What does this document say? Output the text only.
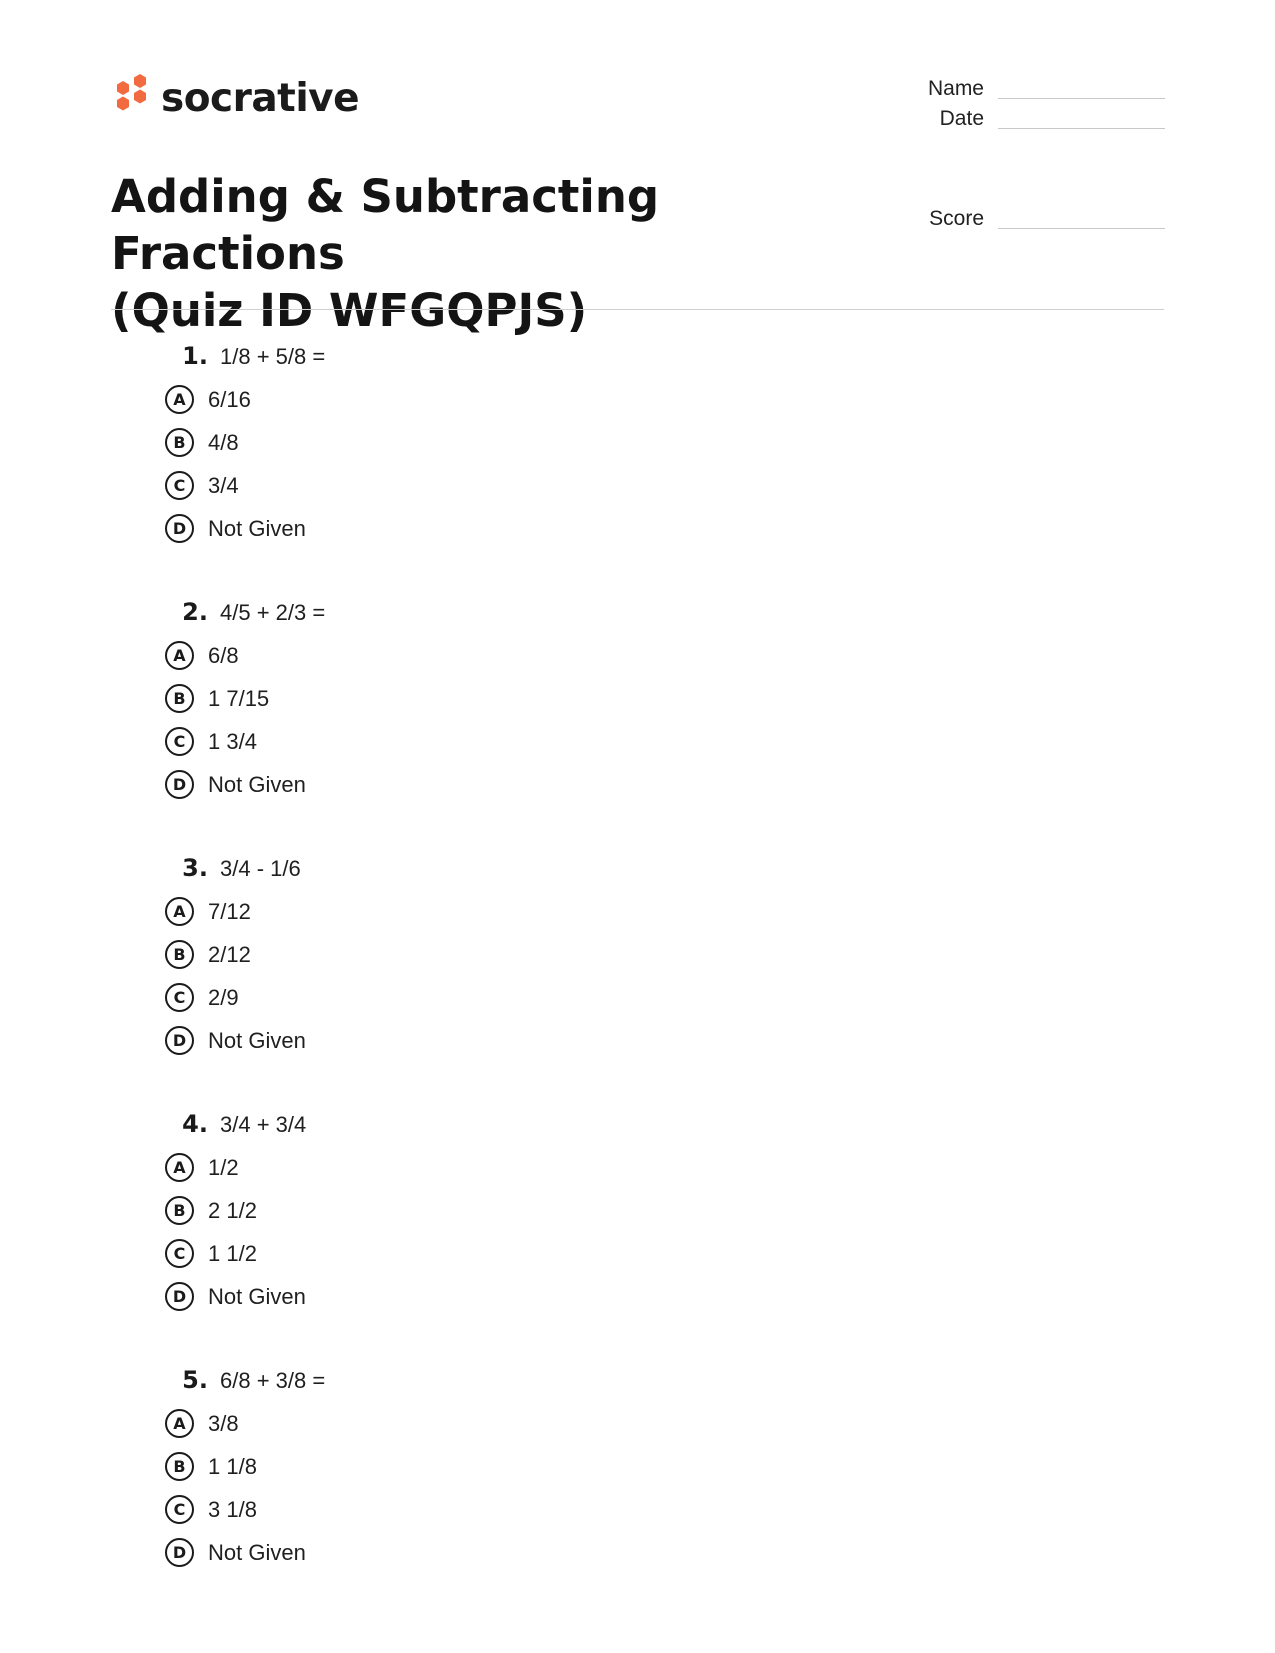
socrative	Name
Date
Score
Adding & Subtracting Fractions
(Quiz ID WFGQPJS)
1. 1/8 + 5/8 =
A	6/16
B	4/8
C	3/4
D Not Given
2. 4/5 + 2/3 =
A	6/8
B	1 7/15
C	1 3/4
D Not Given
3. 3/4 - 1/6
A	7/12
B	2/12
C	2/9
D Not Given
4. 3/4 + 3/4
A	1/2
B	2 1/2
C	1 1/2
D Not Given
5. 6/8 + 3/8 =
A	3/8
B	1 1/8
C	3 1/8
D Not Given
